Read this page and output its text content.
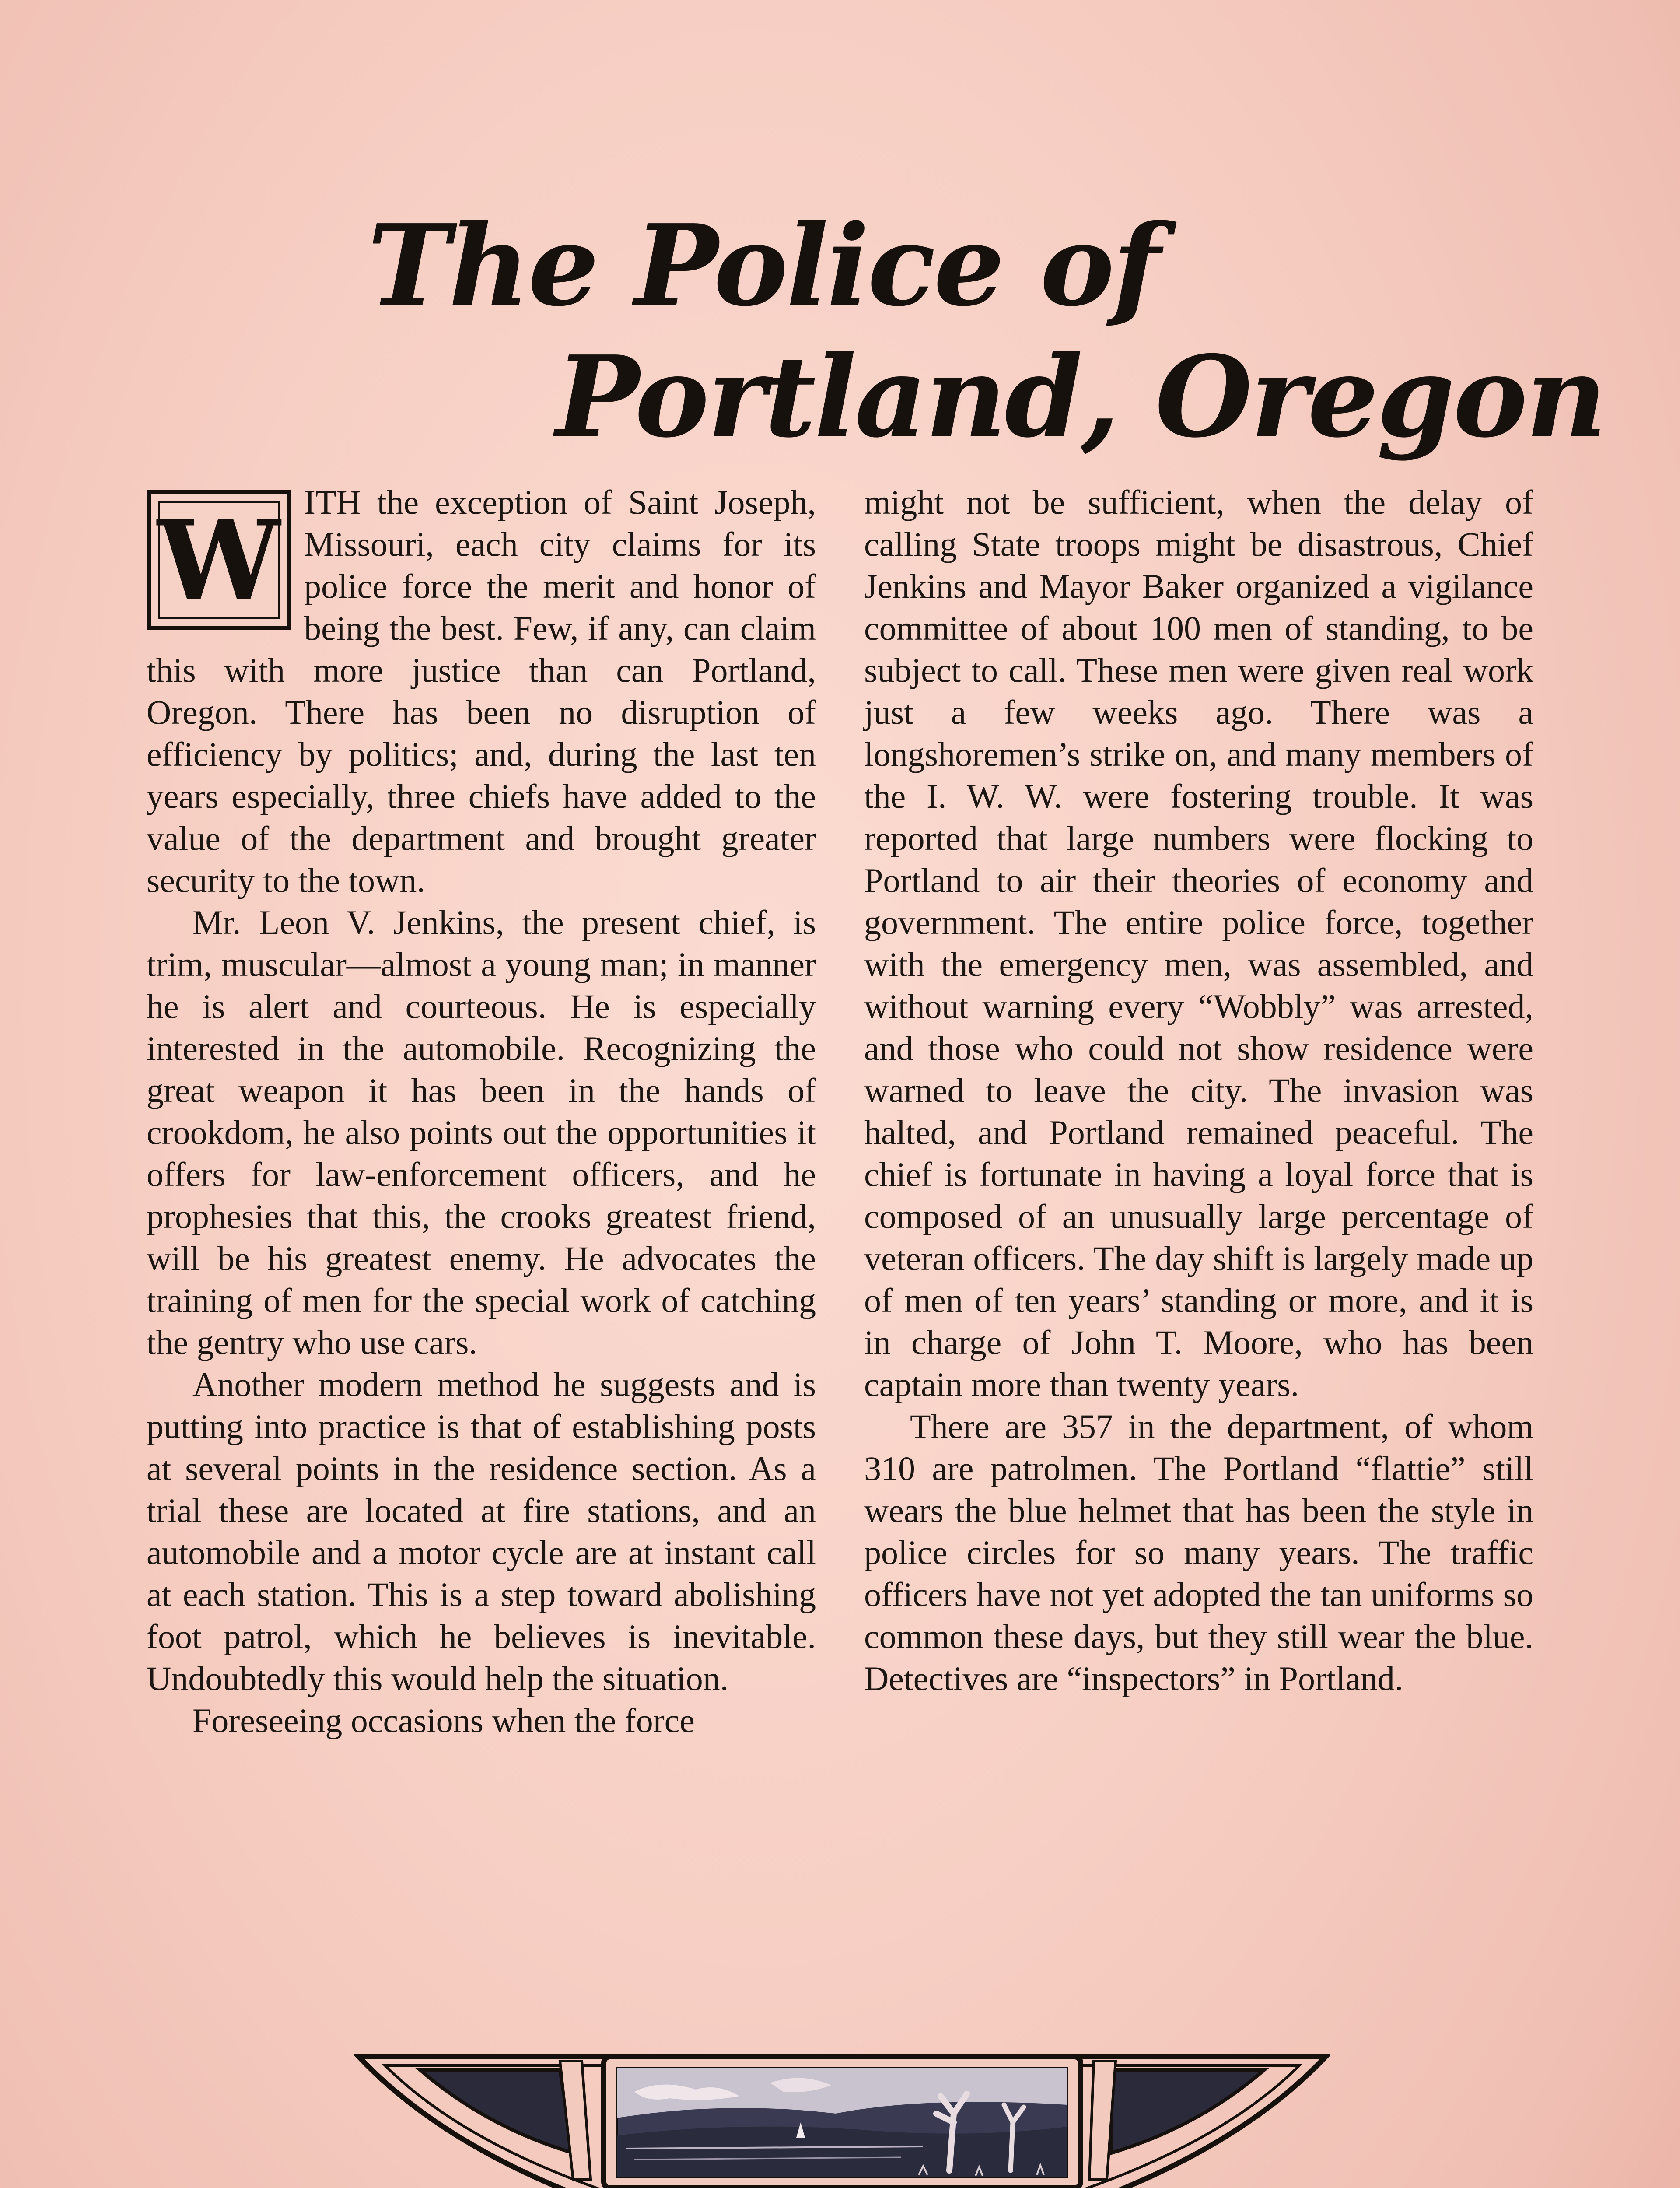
The Police of
Portland, Oregon
W ITH the exception of Saint Joseph, Missouri, each city claims for its police force the merit and honor of being the best. Few, if any, can claim this with more justice than can Portland, Oregon. There has been no disruption of efficiency by politics; and, during the last ten years especially, three chiefs have added to the value of the department and brought greater security to the town.

Mr. Leon V. Jenkins, the present chief, is trim, muscular—almost a young man; in manner he is alert and courteous. He is especially interested in the automobile. Recognizing the great weapon it has been in the hands of crookdom, he also points out the opportunities it offers for law-enforcement officers, and he prophesies that this, the crooks greatest friend, will be his greatest enemy. He advocates the training of men for the special work of catching the gentry who use cars.

Another modern method he suggests and is putting into practice is that of establishing posts at several points in the residence section. As a trial these are located at fire stations, and an automobile and a motor cycle are at instant call at each station. This is a step toward abolishing foot patrol, which he believes is inevitable. Undoubtedly this would help the situation.

Foreseeing occasions when the force

might not be sufficient, when the delay of calling State troops might be disastrous, Chief Jenkins and Mayor Baker organized a vigilance committee of about 100 men of standing, to be subject to call. These men were given real work just a few weeks ago. There was a longshoremen’s strike on, and many members of the I. W. W. were fostering trouble. It was reported that large numbers were flocking to Portland to air their theories of economy and government. The entire police force, together with the emergency men, was assembled, and without warning every “Wobbly” was arrested, and those who could not show residence were warned to leave the city. The invasion was halted, and Portland remained peaceful. The chief is fortunate in having a loyal force that is composed of an unusually large percentage of veteran officers. The day shift is largely made up of men of ten years’ standing or more, and it is in charge of John T. Moore, who has been captain more than twenty years.

There are 357 in the department, of whom 310 are patrolmen. The Portland “flattie” still wears the blue helmet that has been the style in police circles for so many years. The traffic officers have not yet adopted the tan uniforms so common these days, but they still wear the blue. Detectives are “inspectors” in Portland.
